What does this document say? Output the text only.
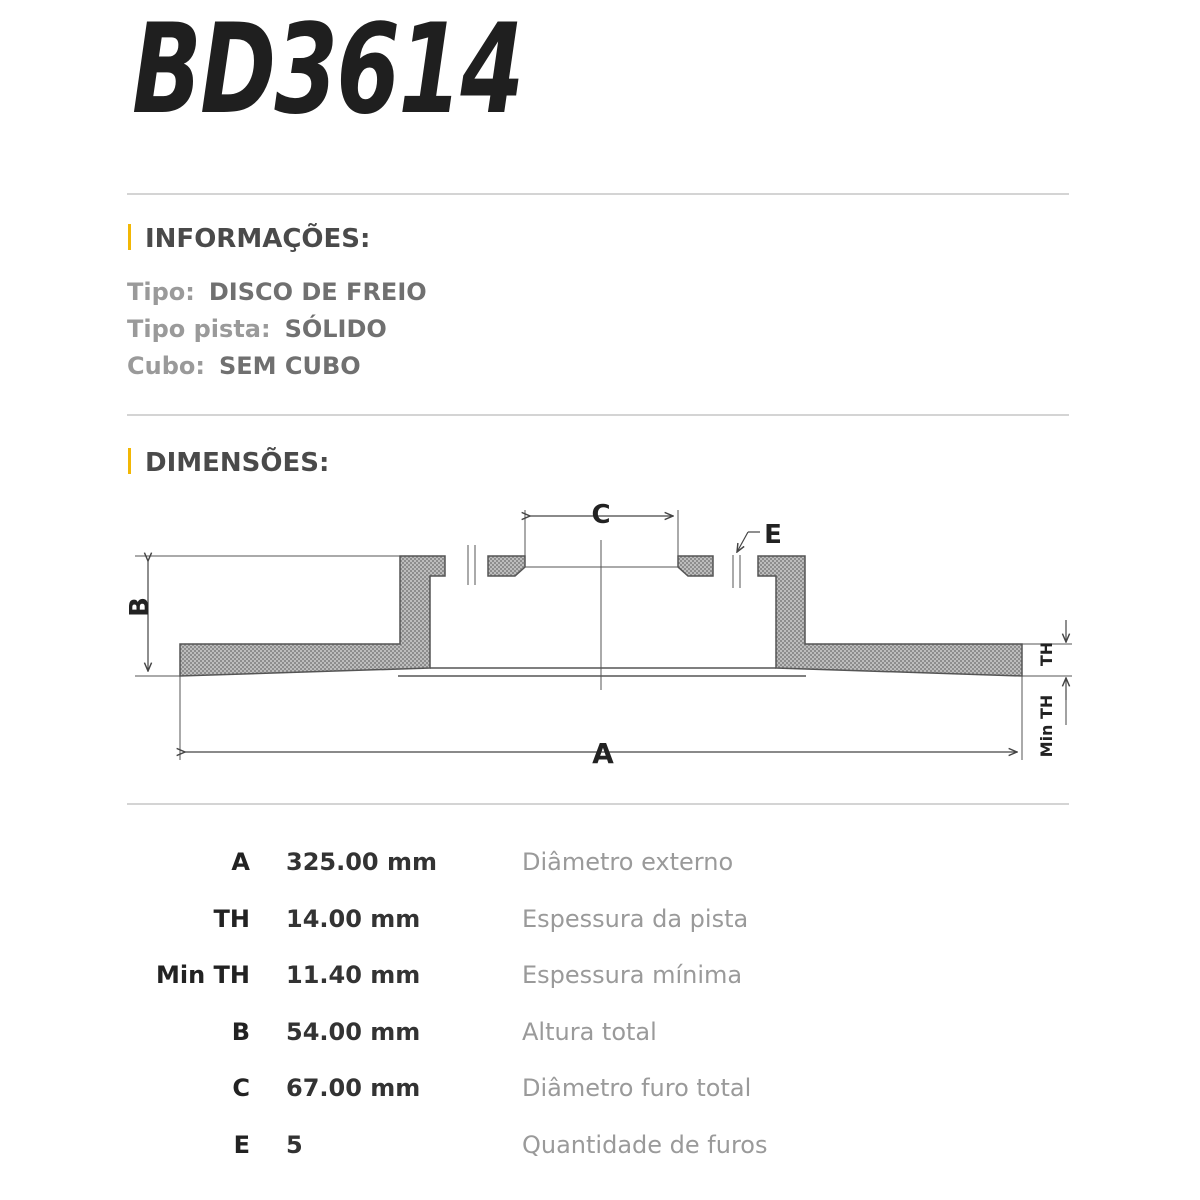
BD3614
INFORMAÇÕES:
Tipo: DISCO DE FREIO
Tipo pista: SÓLIDO
Cubo: SEM CUBO
DIMENSÕES:
C
E
B
A
TH
Min TH
A 325.00 mm	Diâmetro externo
TH 14.00 mm	Espessura da pista
Min TH 11.40 mm	Espessura mínima
B 54.00 mm	Altura total
C 67.00 mm	Diâmetro furo total
E 5	Quantidade de furos
